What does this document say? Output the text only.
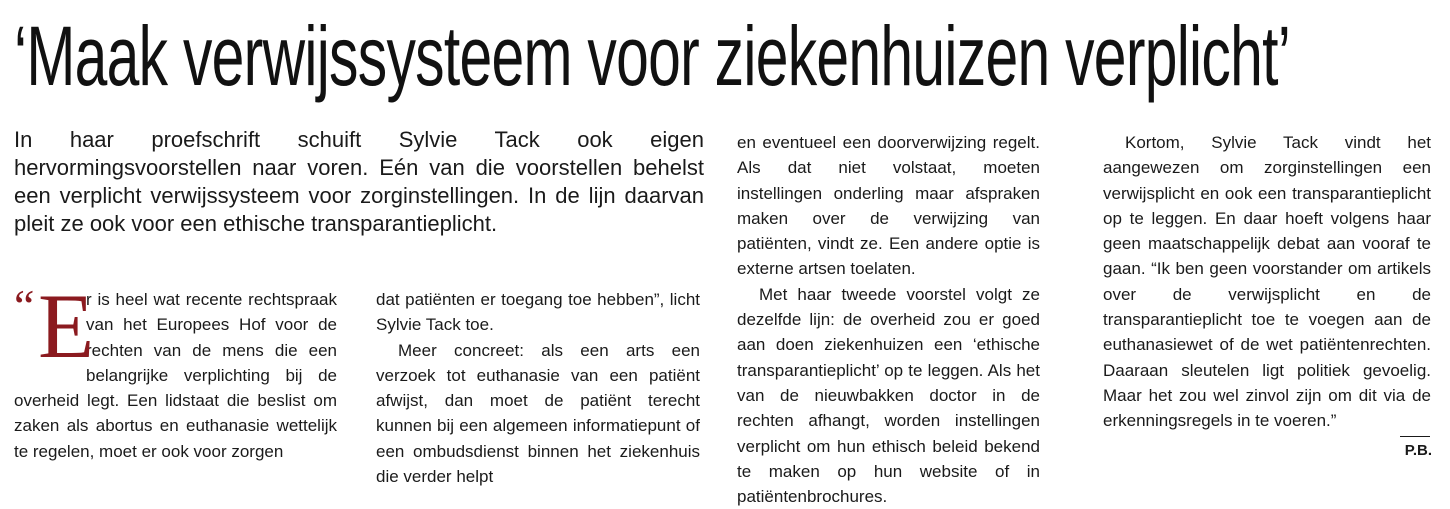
‘Maak verwijssysteem voor ziekenhuizen verplicht’

In haar proefschrift schuift Sylvie Tack ook eigen hervormingsvoorstellen naar voren. Eén van die voorstellen behelst een verplicht verwijssysteem voor zorginstellingen. In de lijn daarvan pleit ze ook voor een ethische transparantieplicht.

“ E

r is heel wat recente rechtspraak van het Europees Hof voor de rechten van de mens die een belangrijke verplichting bij de overheid legt. Een lidstaat die beslist om zaken als abortus en euthanasie wettelijk te regelen, moet er ook voor zorgen

dat patiënten er toegang toe hebben”, licht Sylvie Tack toe.

Meer concreet: als een arts een verzoek tot euthanasie van een patiënt afwijst, dan moet de patiënt terecht kunnen bij een algemeen informatiepunt of een ombudsdienst binnen het ziekenhuis die verder helpt

en eventueel een doorverwijzing regelt. Als dat niet volstaat, moeten instellingen onderling maar afspraken maken over de verwijzing van patiënten, vindt ze. Een andere optie is externe artsen toelaten.

Met haar tweede voorstel volgt ze dezelfde lijn: de overheid zou er goed aan doen ziekenhuizen een ‘ethische transparantieplicht’ op te leggen. Als het van de nieuwbakken doctor in de rechten afhangt, worden instellingen verplicht om hun ethisch beleid bekend te maken op hun website of in patiëntenbrochures.

Kortom, Sylvie Tack vindt het aangewezen om zorginstellingen een verwijsplicht en ook een transparantieplicht op te leggen. En daar hoeft volgens haar geen maatschappelijk debat aan vooraf te gaan. “Ik ben geen voorstander om artikels over de verwijsplicht en de transparantieplicht toe te voegen aan de euthanasiewet of de wet patiëntenrechten. Daaraan sleutelen ligt politiek gevoelig. Maar het zou wel zinvol zijn om dit via de erkenningsregels in te voeren.”

P.B.
